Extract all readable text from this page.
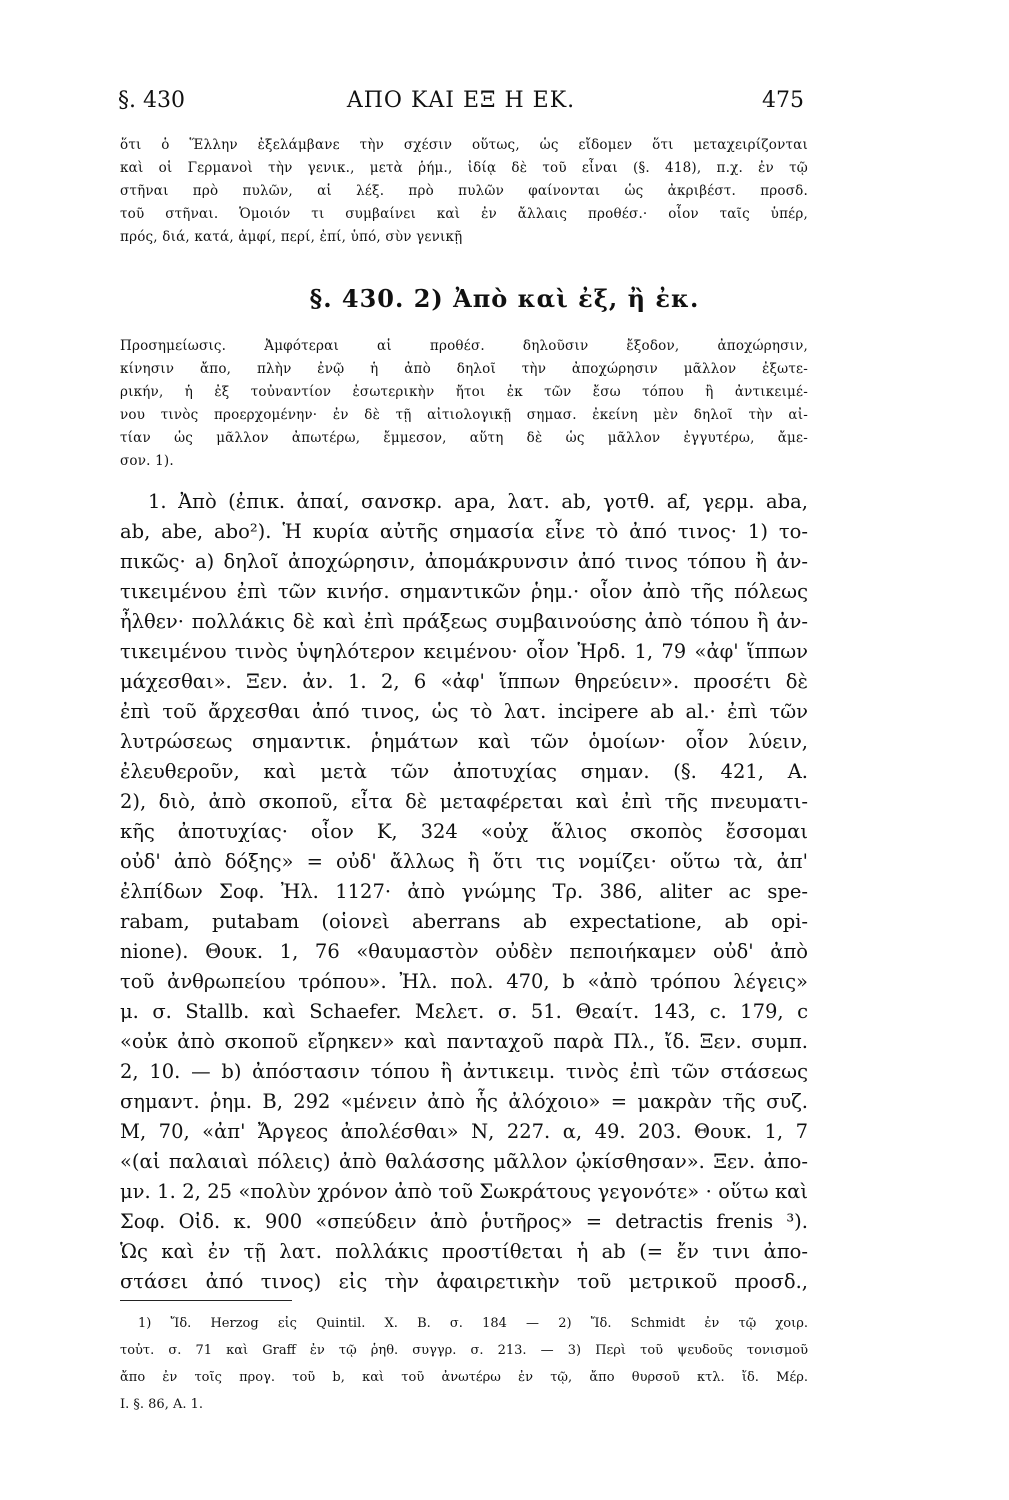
§. 430	ΑΠΟ ΚΑΙ ΕΞ Η ΕΚ.	475
ὅτι ὁ Ἕλλην ἐξελάμβανε τὴν σχέσιν οὕτως, ὡς εἴδομεν ὅτι μεταχειρίζονται
καὶ οἱ Γερμανοὶ τὴν γενικ., μετὰ ῥήμ., ἰδίᾳ δὲ τοῦ εἶναι (§. 418), π.χ. ἐν τῷ
στῆναι πρὸ πυλῶν, αἱ λέξ. πρὸ πυλῶν φαίνονται ὡς ἀκριβέστ. προσδ.
τοῦ στῆναι. Ὁμοιόν τι συμβαίνει καὶ ἐν ἄλλαις προθέσ.· οἷον ταῖς ὑπέρ,
πρός, διά, κατά, ἀμφί, περί, ἐπί, ὑπό, σὺν γενικῇ
§. 430. 2) Ἀπὸ καὶ ἐξ, ἢ ἐκ.
Προσημείωσις. Ἀμφότεραι αἱ προθέσ. δηλοῦσιν ἔξοδον, ἀποχώρησιν,
κίνησιν ἄπο, πλὴν ἐνῷ ἡ ἀπὸ δηλοῖ τὴν ἀποχώρησιν μᾶλλον ἐξωτε-
ρικήν, ἡ ἐξ τοὐναντίον ἐσωτερικὴν ἤτοι ἐκ τῶν ἔσω τόπου ἢ ἀντικειμέ-
νου τινὸς προερχομένην· ἐν δὲ τῇ αἰτιολογικῇ σημασ. ἐκείνη μὲν δηλοῖ τὴν αἰ-
τίαν ὡς μᾶλλον ἀπωτέρω, ἔμμεσον, αὕτη δὲ ὡς μᾶλλον ἐγγυτέρω, ἄμε-
σον. 1).
1. Ἀπὸ (ἐπικ. ἀπαί, σανσκρ. apa, λατ. ab, γοτθ. af, γερμ. aba,
ab, abe, abo²). Ἡ κυρία αὐτῆς σημασία εἶνε τὸ ἀπό τινος· 1) το-
πικῶς· a) δηλοῖ ἀποχώρησιν, ἀπομάκρυνσιν ἀπό τινος τόπου ἢ ἀν-
τικειμένου ἐπὶ τῶν κινήσ. σημαντικῶν ῥημ.· οἷον ἀπὸ τῆς πόλεως
ἦλθεν· πολλάκις δὲ καὶ ἐπὶ πράξεως συμβαινούσης ἀπὸ τόπου ἢ ἀν-
τικειμένου τινὸς ὑψηλότερον κειμένου· οἷον Ἡρδ. 1, 79 «ἀφ' ἵππων
μάχεσθαι». Ξεν. ἀν. 1. 2, 6 «ἀφ' ἵππων θηρεύειν». προσέτι δὲ
ἐπὶ τοῦ ἄρχεσθαι ἀπό τινος, ὡς τὸ λατ. incipere ab al.· ἐπὶ τῶν
λυτρώσεως σημαντικ. ῥημάτων καὶ τῶν ὁμοίων· οἷον λύειν,
ἐλευθεροῦν, καὶ μετὰ τῶν ἀποτυχίας σημαν. (§. 421, A.
2), διὸ, ἀπὸ σκοποῦ, εἶτα δὲ μεταφέρεται καὶ ἐπὶ τῆς πνευματι-
κῆς ἀποτυχίας· οἷον Κ, 324 «οὐχ ἅλιος σκοπὸς ἔσσομαι
οὐδ' ἀπὸ δόξης» = οὐδ' ἄλλως ἢ ὅτι τις νομίζει· οὕτω τὰ, ἀπ'
ἐλπίδων Σοφ. Ἠλ. 1127· ἀπὸ γνώμης Τρ. 386, aliter ac spe-
rabam, putabam (οἱονεὶ aberrans ab expectatione, ab opi-
nione). Θουκ. 1, 76 «θαυμαστὸν οὐδὲν πεποιήκαμεν οὐδ' ἀπὸ
τοῦ ἀνθρωπείου τρόπου». Ἠλ. πολ. 470, b «ἀπὸ τρόπου λέγεις»
μ. σ. Stallb. καὶ Schaefer. Μελετ. σ. 51. Θεαίτ. 143, c. 179, c
«οὐκ ἀπὸ σκοποῦ εἴρηκεν» καὶ πανταχοῦ παρὰ Πλ., ἴδ. Ξεν. συμπ.
2, 10. — b) ἀπόστασιν τόπου ἢ ἀντικειμ. τινὸς ἐπὶ τῶν στάσεως
σημαντ. ῥημ. Β, 292 «μένειν ἀπὸ ἧς ἀλόχοιο» = μακρὰν τῆς συζ.
Μ, 70, «ἀπ' Ἄργεος ἀπολέσθαι» Ν, 227. α, 49. 203. Θουκ. 1, 7
«(αἱ παλαιαὶ πόλεις) ἀπὸ θαλάσσης μᾶλλον ᾠκίσθησαν». Ξεν. ἀπο-
μν. 1. 2, 25 «πολὺν χρόνον ἀπὸ τοῦ Σωκράτους γεγονότε» · οὕτω καὶ
Σοφ. Οἰδ. κ. 900 «σπεύδειν ἀπὸ ῥυτῆρος» = detractis frenis ³).
Ὡς καὶ ἐν τῇ λατ. πολλάκις προστίθεται ἡ ab (= ἔν τινι ἀπο-
στάσει ἀπό τινος) εἰς τὴν ἀφαιρετικὴν τοῦ μετρικοῦ προσδ.,
1) Ἴδ. Herzog εἰς Quintil. X. B. σ. 184 — 2) Ἴδ. Schmidt ἐν τῷ χοιρ.
τοὐτ. σ. 71 καὶ Graff ἐν τῷ ῥηθ. συγγρ. σ. 213. — 3) Περὶ τοῦ ψευδοῦς τονισμοῦ
ἄπο ἐν τοῖς προγ. τοῦ b, καὶ τοῦ ἀνωτέρω ἐν τῷ, ἄπο θυρσοῦ κτλ. ἴδ. Μέρ.
Ι. §. 86, Α. 1.
